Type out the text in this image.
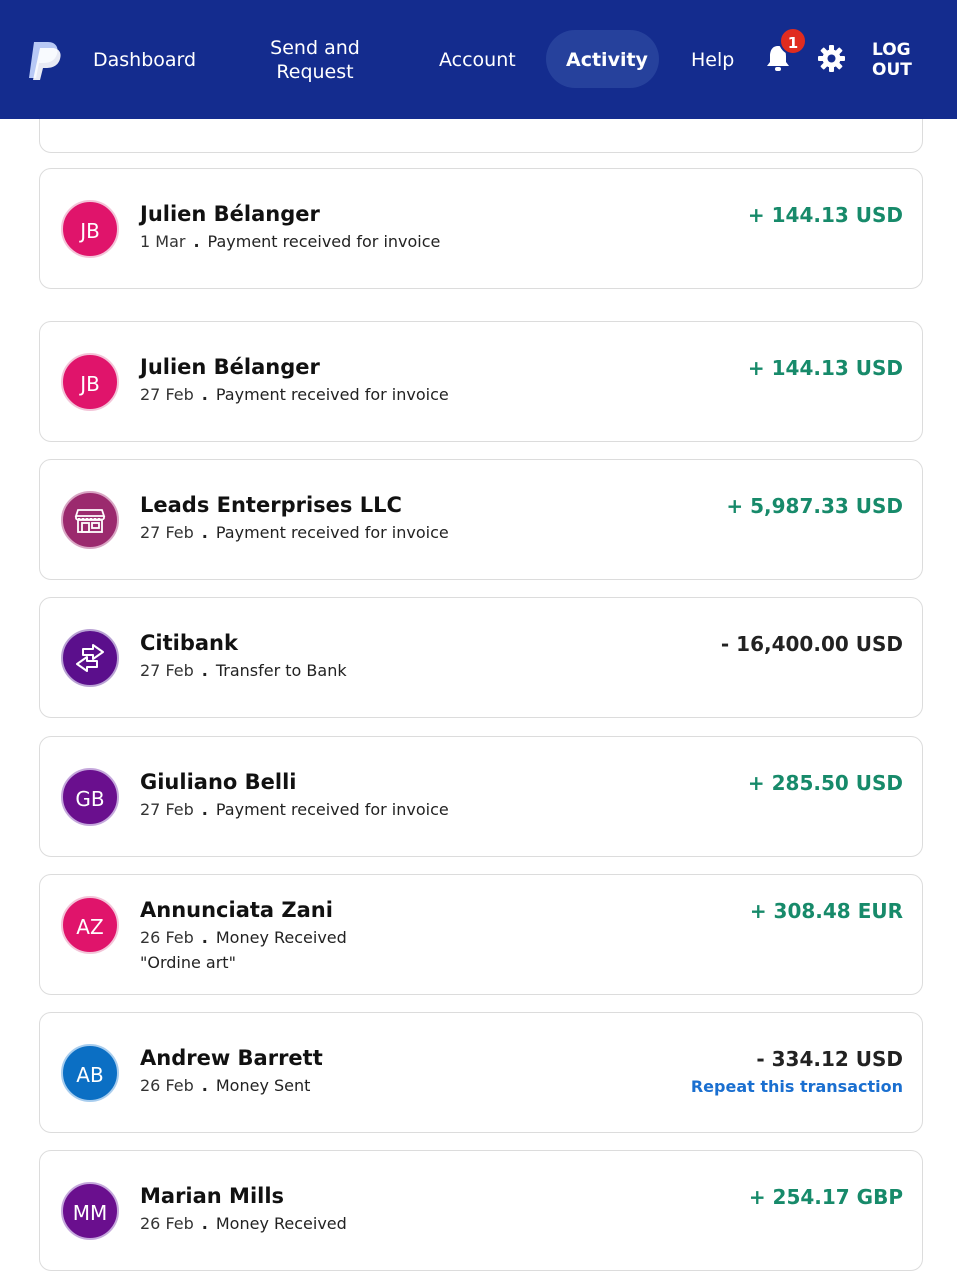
Dashboard
Send and
Request
Account	Activity Help
1	LOG
OUT
JB
Julien Bélanger
1 Mar . Payment received for invoice
+ 144.13 USD
JB
Julien Bélanger
27 Feb . Payment received for invoice
+ 144.13 USD
Leads Enterprises LLC
27 Feb . Payment received for invoice
+ 5,987.33 USD
Citibank
27 Feb . Transfer to Bank
- 16,400.00 USD
GB
Giuliano Belli
27 Feb . Payment received for invoice
+ 285.50 USD
AZ
Annunciata Zani
26 Feb . Money Received
"Ordine art"
+ 308.48 EUR
AB
Andrew Barrett
26 Feb . Money Sent
- 334.12 USD
Repeat this transaction
MM
Marian Mills
26 Feb . Money Received
+ 254.17 GBP
